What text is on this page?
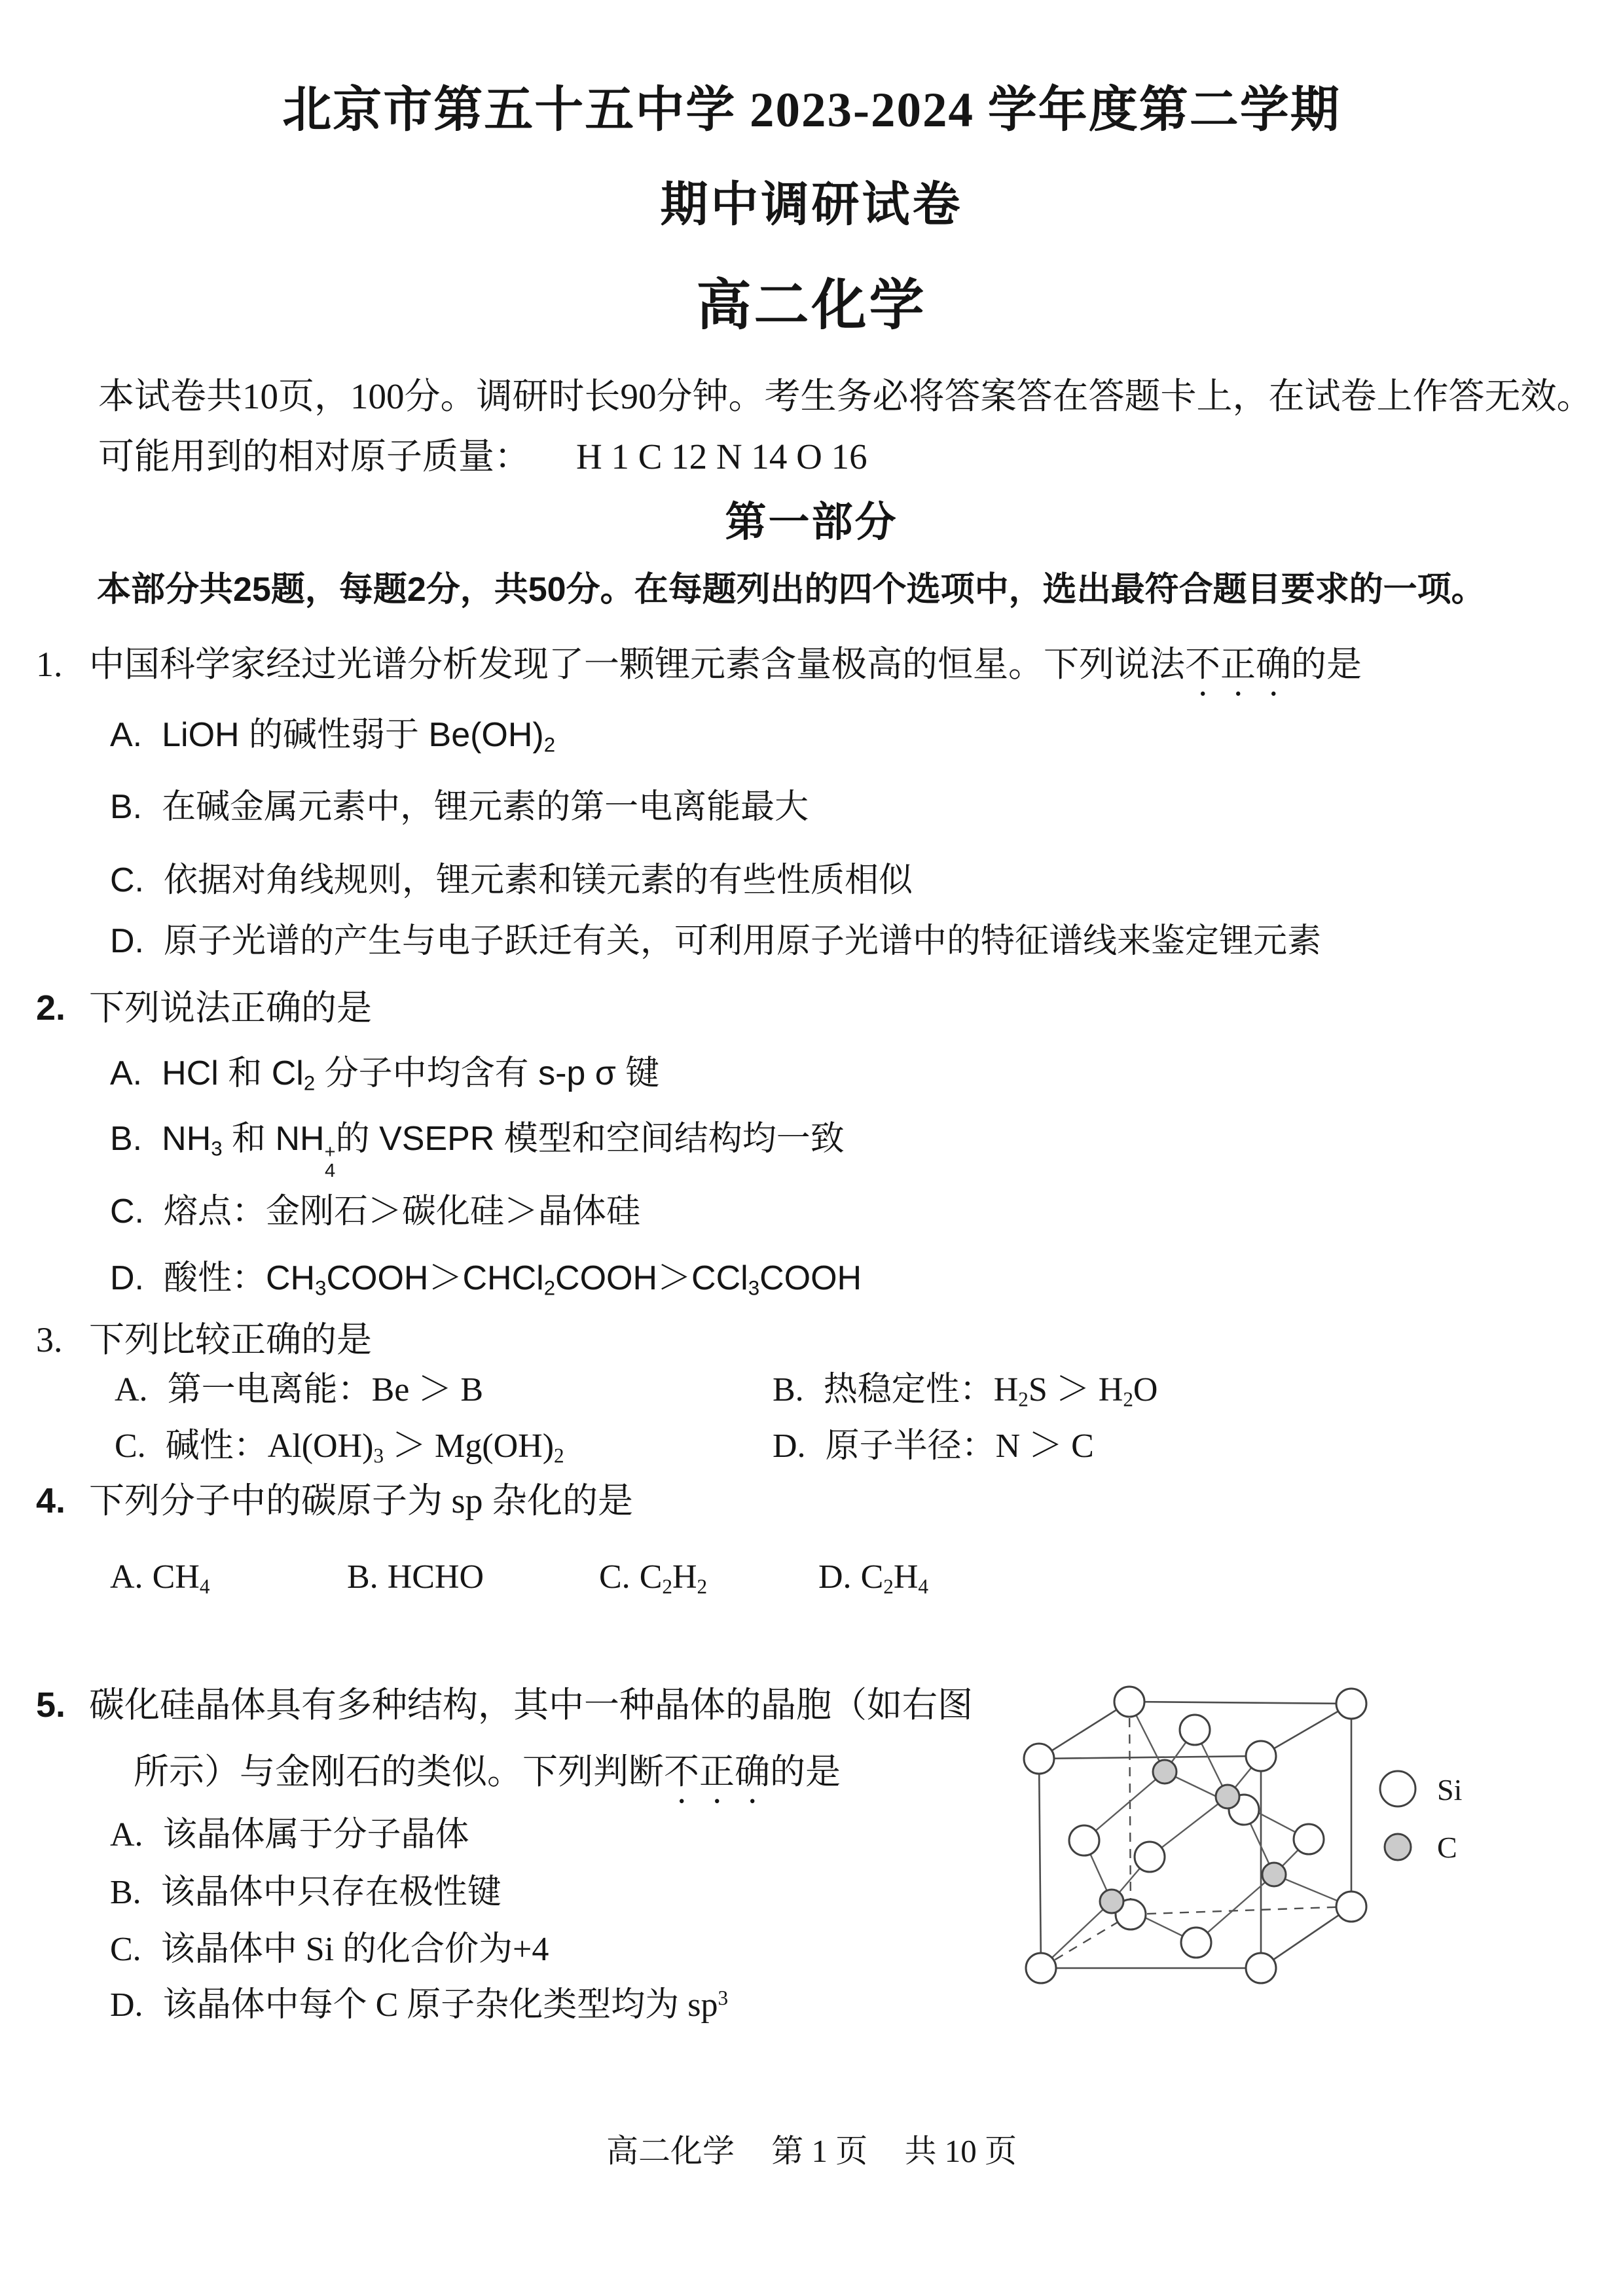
北京市第五十五中学 2023-2024 学年度第二学期
期中调研试卷
高二化学
本试卷共10页，100分。调研时长90分钟。考生务必将答案答在答题卡上，在试卷上作答无效。
可能用到的相对原子质量： H 1 C 12 N 14 O 16
第一部分
本部分共25题，每题2分，共50分。在每题列出的四个选项中，选出最符合题目要求的一项。
1. 中国科学家经过光谱分析发现了一颗锂元素含量极高的恒星。下列说法不正确的是
A. LiOH 的碱性弱于 $Be(OH)_2$
B. 在碱金属元素中，锂元素的第一电离能最大
C. 依据对角线规则，锂元素和镁元素的有些性质相似
D. 原子光谱的产生与电子跃迁有关，可利用原子光谱中的特征谱线来鉴定锂元素
2. 下列说法正确的是
A. HCl 和 $Cl_2$ 分子中均含有 s-p σ 键
B. $NH_3$ 和 NH +
4
的 VSEPR 模型和空间结构均一致
C. 熔点：金刚石＞碳化硅＞晶体硅
D. 酸性：$CH_3COOH>CHCl_2COOH>CCl_3COOH$
3. 下列比较正确的是
A. 第一电离能：Be ＞ B	B. 热稳定性：$H_2S > H_2O$
C. 碱性：$Al(OH)_3 > Mg(OH)_2$	D. 原子半径：N ＞ C
4. 下列分子中的碳原子为 sp 杂化的是
A. $CH_4$	B. HCHO	C. $C_2H_2$	D. $C_2H_4$
5. 碳化硅晶体具有多种结构，其中一种晶体的晶胞（如右图
所示）与金刚石的类似。下列判断不正确的是
A. 该晶体属于分子晶体
B. 该晶体中只存在极性键
C. 该晶体中 Si 的化合价为+4
D. 该晶体中每个 C 原子杂化类型均为 $sp^3$
Si
C
高二化学 第 1 页 共 10 页
